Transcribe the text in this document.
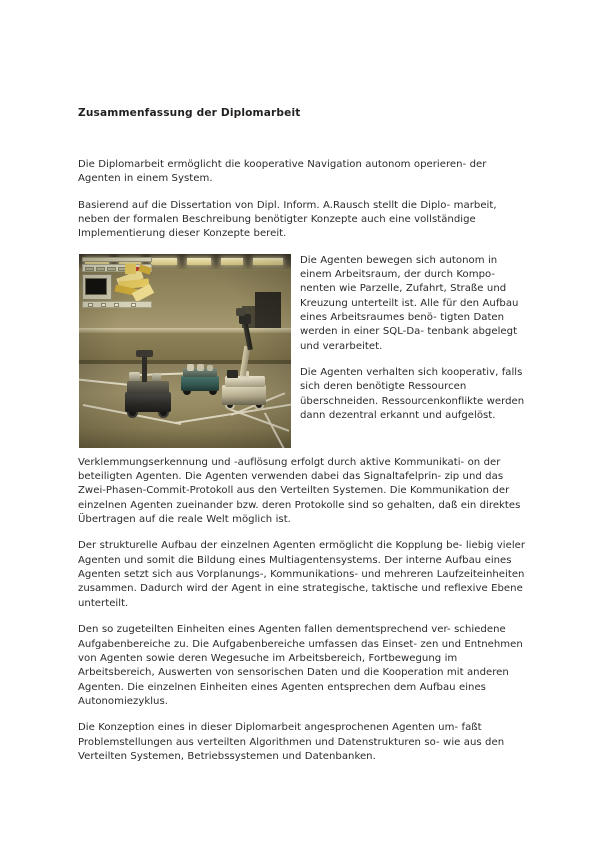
Zusammenfassung der Diplomarbeit

Die Diplomarbeit ermöglicht die kooperative Navigation autonom operieren- der Agenten in einem System.

Basierend auf die Dissertation von Dipl. Inform. A.Rausch stellt die Diplo- marbeit, neben der formalen Beschreibung benötigter Konzepte auch eine vollständige Implementierung dieser Konzepte bereit.

Die Agenten bewegen sich autonom in einem Arbeitsraum, der durch Kompo- nenten wie Parzelle, Zufahrt, Straße und Kreuzung unterteilt ist. Alle für den Aufbau eines Arbeitsraumes benö- tigten Daten werden in einer SQL-Da- tenbank abgelegt und verarbeitet.

Die Agenten verhalten sich kooperativ, falls sich deren benötigte Ressourcen überschneiden. Ressourcenkonflikte werden dann dezentral erkannt und aufgelöst.

Verklemmungserkennung und -auflösung erfolgt durch aktive Kommunikati- on der beteiligten Agenten. Die Agenten verwenden dabei das Signaltafelprin- zip und das Zwei-Phasen-Commit-Protokoll aus den Verteilten Systemen. Die Kommunikation der einzelnen Agenten zueinander bzw. deren Protokolle sind so gehalten, daß ein direktes Übertragen auf die reale Welt möglich ist.

Der strukturelle Aufbau der einzelnen Agenten ermöglicht die Kopplung be- liebig vieler Agenten und somit die Bildung eines Multiagentensystems. Der interne Aufbau eines Agenten setzt sich aus Vorplanungs-, Kommunikations- und mehreren Laufzeiteinheiten zusammen. Dadurch wird der Agent in eine strategische, taktische und reflexive Ebene unterteilt.

Den so zugeteilten Einheiten eines Agenten fallen dementsprechend ver- schiedene Aufgabenbereiche zu. Die Aufgabenbereiche umfassen das Einset- zen und Entnehmen von Agenten sowie deren Wegesuche im Arbeitsbereich, Fortbewegung im Arbeitsbereich, Auswerten von sensorischen Daten und die Kooperation mit anderen Agenten. Die einzelnen Einheiten eines Agenten entsprechen dem Aufbau eines Autonomiezyklus.

Die Konzeption eines in dieser Diplomarbeit angesprochenen Agenten um- faßt Problemstellungen aus verteilten Algorithmen und Datenstrukturen so- wie aus den Verteilten Systemen, Betriebssystemen und Datenbanken.
